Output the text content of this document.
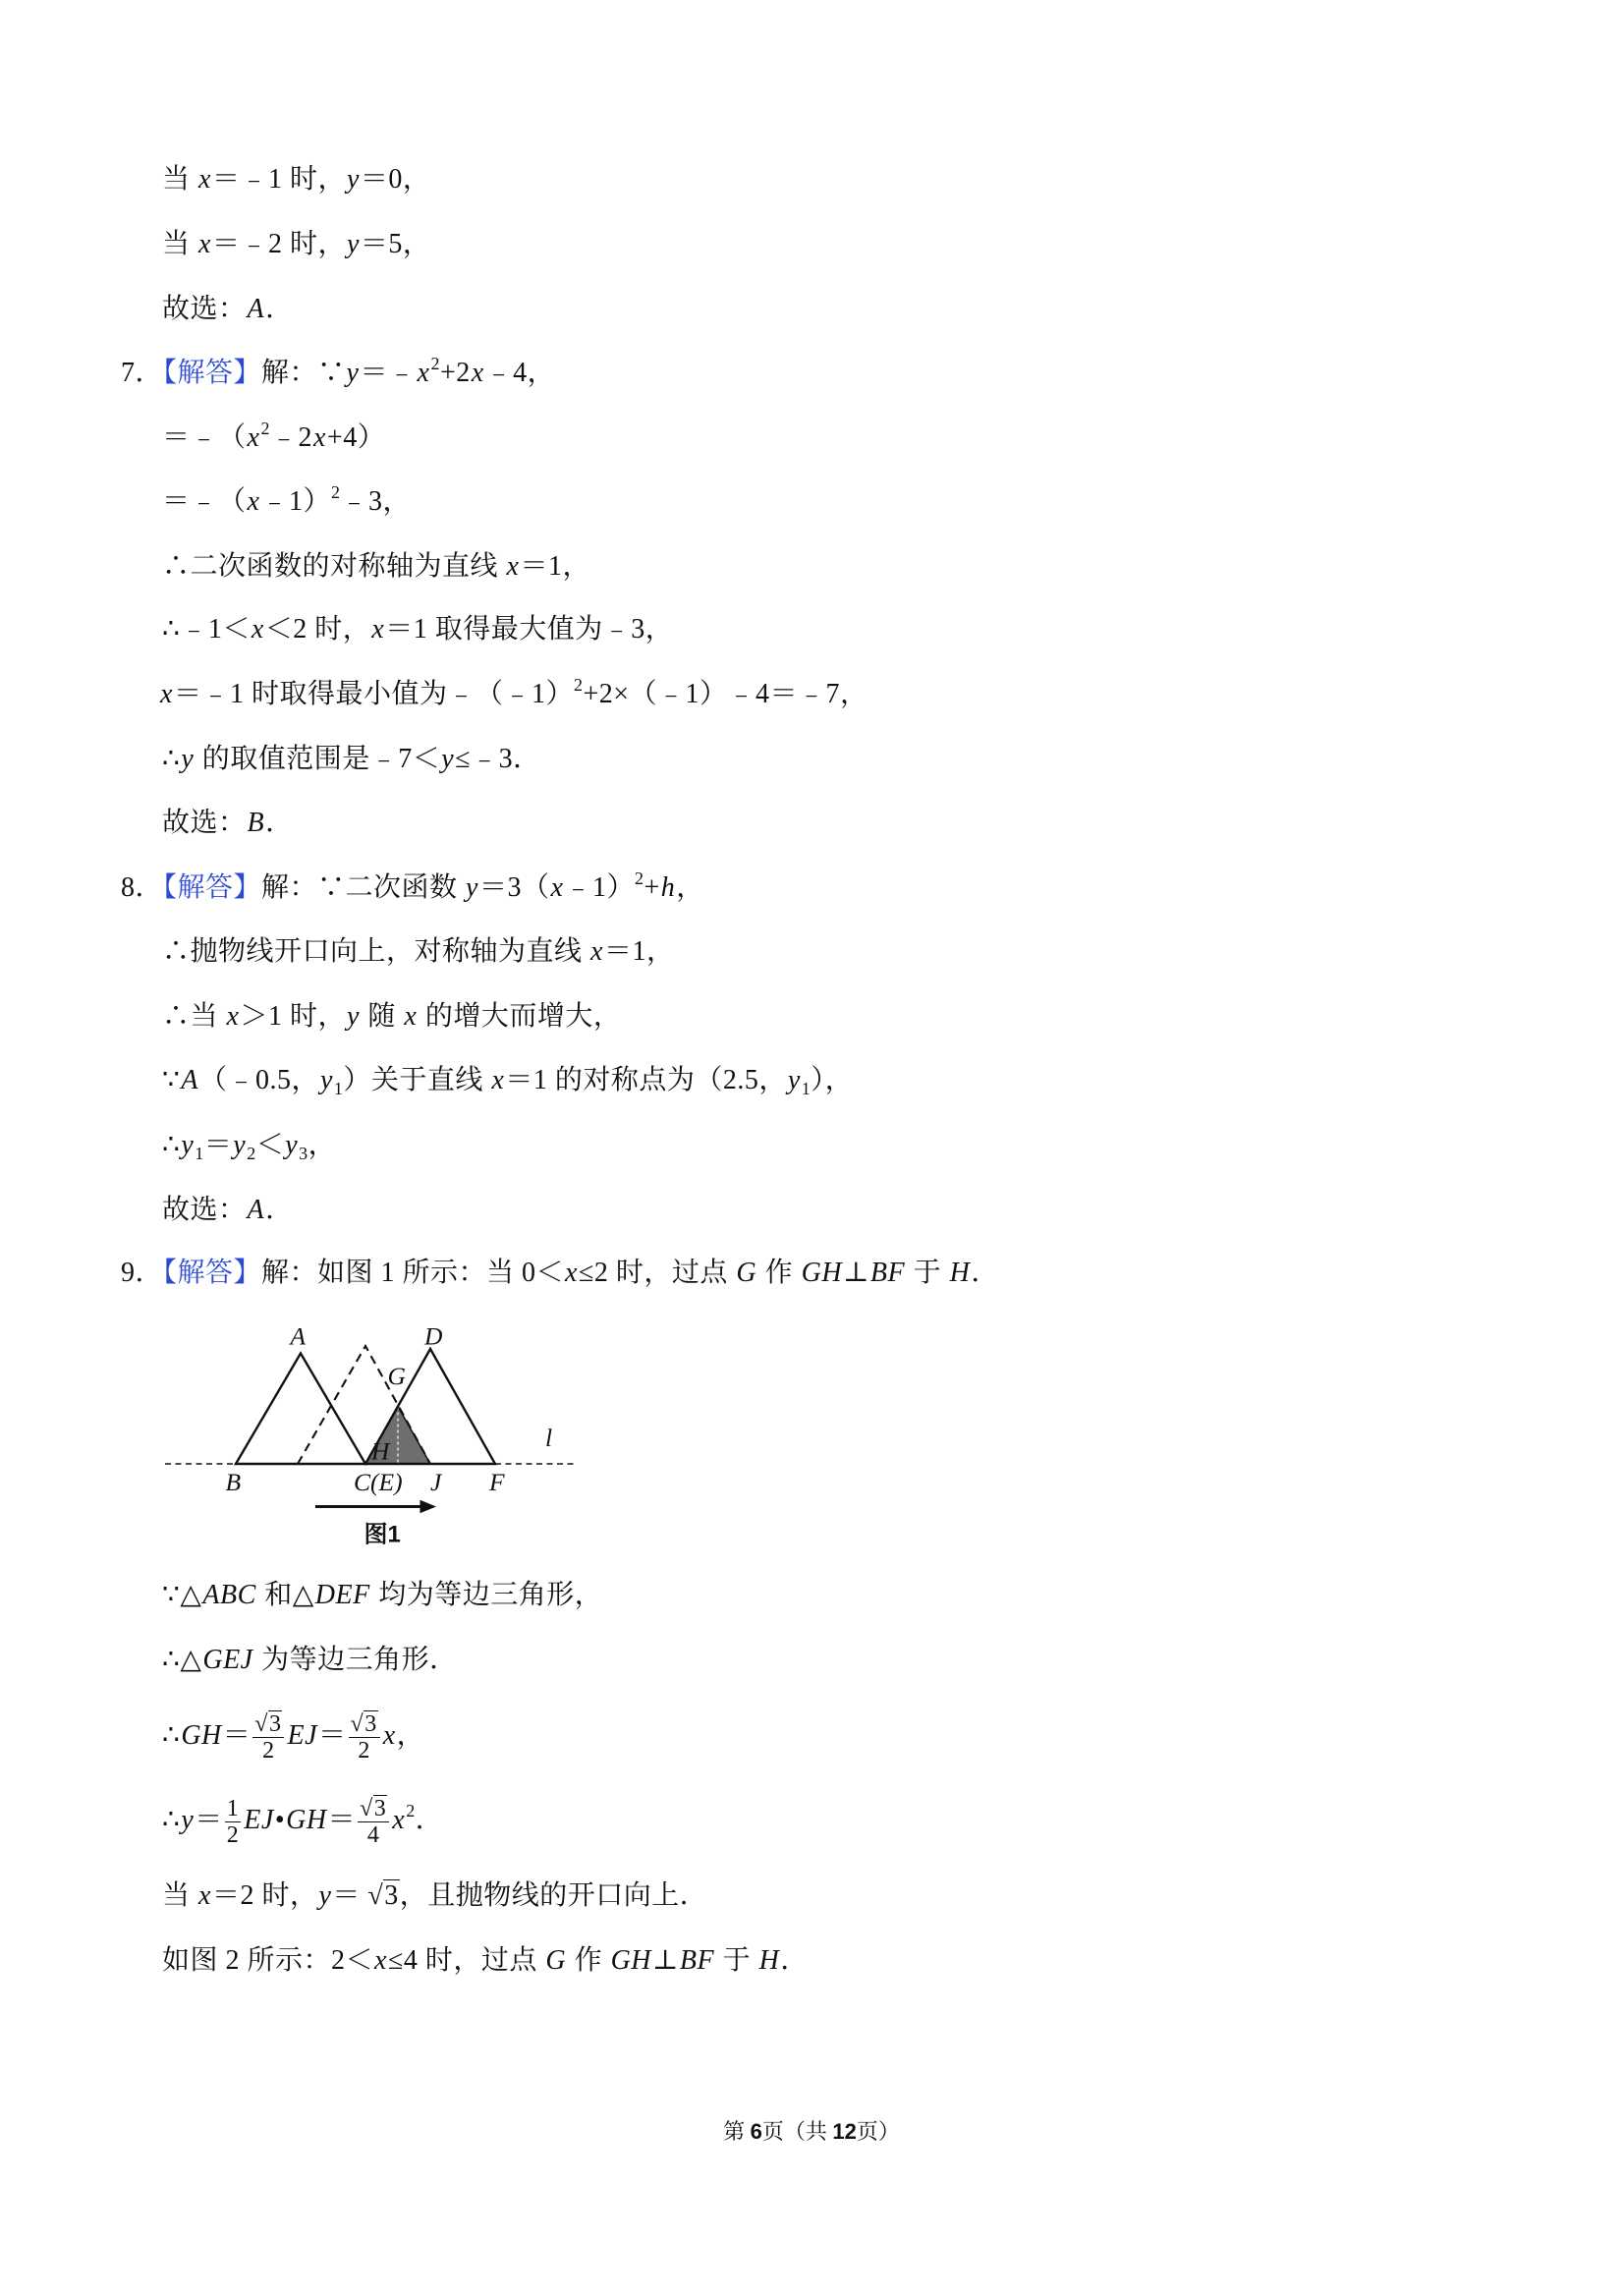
当 x＝﹣1 时，y＝0，
当 x＝﹣2 时，y＝5，
故选：A．
7．【解答】解：$\because y=﹣x^2+2x﹣4$，
$=﹣(x^2﹣2x+4)$
＝﹣（x﹣1）$^2$﹣3，
∴二次函数的对称轴为直线 x＝1，
∴﹣1＜x＜2 时，x＝1 取得最大值为﹣3，
x＝﹣1 时取得最小值为﹣（﹣1）$^2$+2×（﹣1）﹣4＝﹣7，
∴y 的取值范围是﹣7＜y≤﹣3．
故选：B．
8．【解答】解：∵二次函数 y＝3（x﹣1）$^2$+h，
∴抛物线开口向上，对称轴为直线 x＝1，
∴当 x＞1 时，y 随 x 的增大而增大，
∵A（﹣0.5，$y_1$）关于直线 x＝1 的对称点为（2.5，$y_1$），
$\therefore y_1=y_2<y_3$，
故选：A．
9．【解答】解：如图 1 所示：当 0＜x≤2 时，过点 G 作 GH⊥BF 于 H．
A	D
G
H
B	C(E) J	F
l
图1
∵△ABC 和△DEF 均为等边三角形，
∴△GEJ 为等边三角形．
∴GH＝ $\frac{√3}{2} EJ= \frac{√3}{2}$ x，
∴y＝ $\frac{1}{2}$ EJ•GH＝ $\frac{√3}{4} x^2$．
当 x＝2 时，y＝ √3，且抛物线的开口向上．
如图 2 所示：2＜x≤4 时，过点 G 作 GH⊥BF 于 H．
第 6页（共 12页）
